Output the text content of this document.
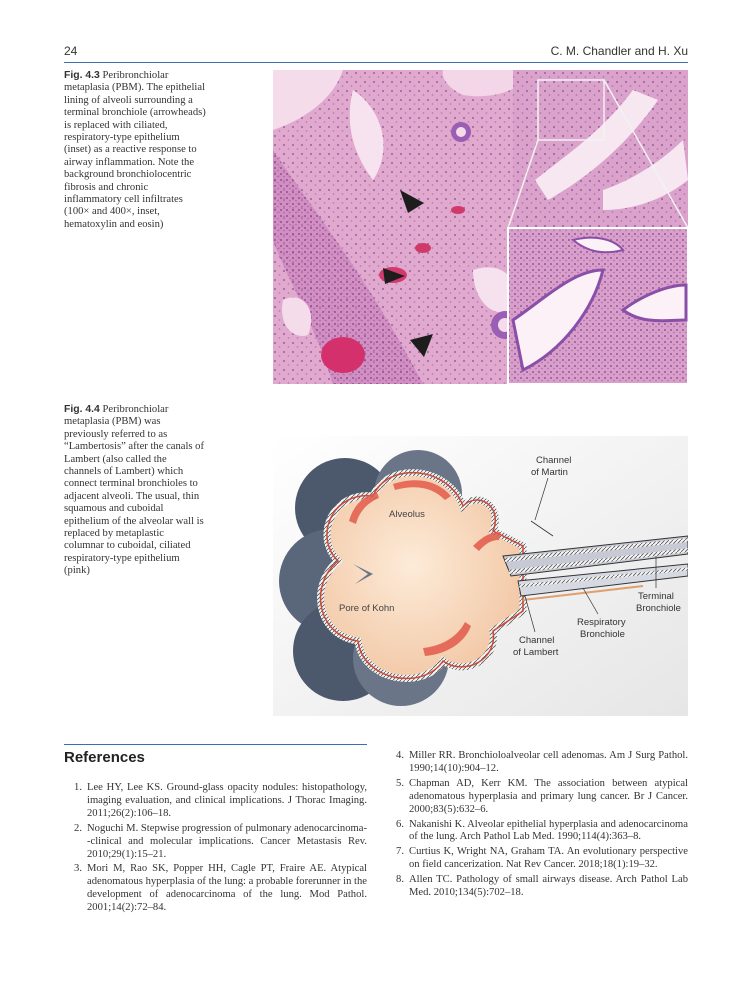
24	C. M. Chandler and H. Xu
Fig. 4.3 Peribronchiolar metaplasia (PBM). The epithelial lining of alveoli surrounding a terminal bronchiole (arrowheads) is replaced with ciliated, respiratory-type epithelium (inset) as a reactive response to airway inflammation. Note the background bronchiolocentric fibrosis and chronic inflammatory cell infiltrates (100× and 400×, inset, hematoxylin and eosin)
Fig. 4.4 Peribronchiolar metaplasia (PBM) was previously referred to as “Lambertosis” after the canals of Lambert (also called the channels of Lambert) which connect terminal bronchioles to adjacent alveoli. The usual, thin squamous and cuboidal epithelium of the alveolar wall is replaced by metaplastic columnar to cuboidal, ciliated respiratory-type epithelium (pink)
Channel
of Martin
Alveolus
Terminal
Bronchiole
Respiratory
Bronchiole
Pore of Kohn
Channel
of Lambert
References
1. Lee HY, Lee KS. Ground-glass opacity nodules: histopathology, imaging evaluation, and clinical implications. J Thorac Imaging. 2011;26(2):106–18.
2. Noguchi M. Stepwise progression of pulmonary adenocarcinoma--clinical and molecular implications. Cancer Metastasis Rev. 2010;29(1):15–21.
3. Mori M, Rao SK, Popper HH, Cagle PT, Fraire AE. Atypical adenomatous hyperplasia of the lung: a probable forerunner in the development of adenocarcinoma of the lung. Mod Pathol. 2001;14(2):72–84.
4. Miller RR. Bronchioloalveolar cell adenomas. Am J Surg Pathol. 1990;14(10):904–12.
5. Chapman AD, Kerr KM. The association between atypical adenomatous hyperplasia and primary lung cancer. Br J Cancer. 2000;83(5):632–6.
6. Nakanishi K. Alveolar epithelial hyperplasia and adenocarcinoma of the lung. Arch Pathol Lab Med. 1990;114(4):363–8.
7. Curtius K, Wright NA, Graham TA. An evolutionary perspective on field cancerization. Nat Rev Cancer. 2018;18(1):19–32.
8. Allen TC. Pathology of small airways disease. Arch Pathol Lab Med. 2010;134(5):702–18.
